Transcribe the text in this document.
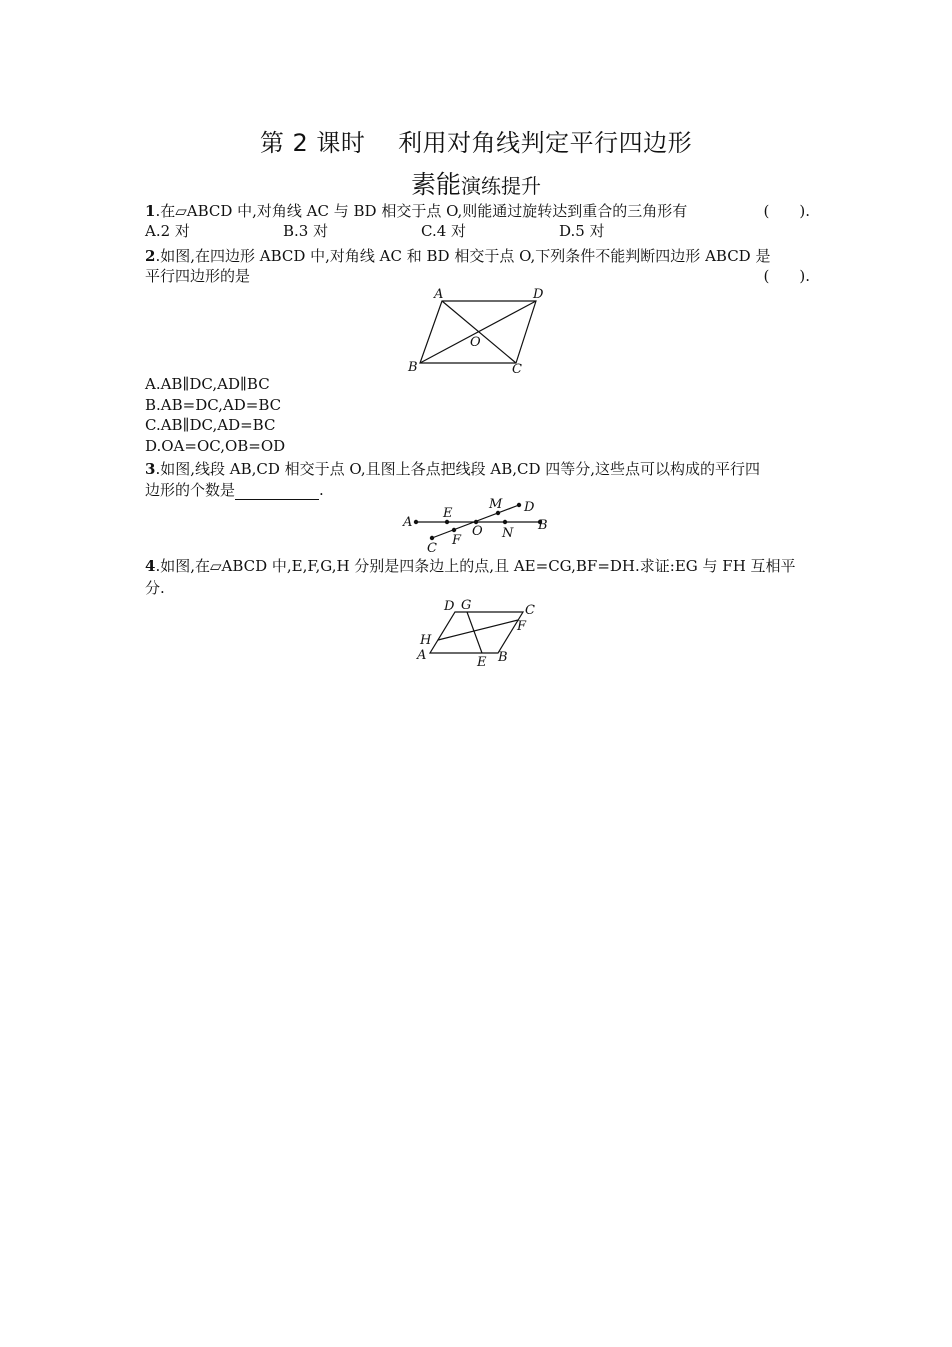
第 2 课时  利用对角线判定平行四边形
素能演练提升
1.在▱ABCD 中,对角线 AC 与 BD 相交于点 O,则能通过旋转达到重合的三角形有	(　　).
A.2 对	B.3 对	C.4 对	D.5 对
2.如图,在四边形 ABCD 中,对角线 AC 和 BD 相交于点 O,下列条件不能判断四边形 ABCD 是
平行四边形的是	(　　).
A	D
O
B	C
A.AB∥DC,AD∥BC
B.AB=DC,AD=BC
C.AB∥DC,AD=BC
D.OA=OC,OB=OD
3.如图,线段 AB,CD 相交于点 O,且图上各点把线段 AB,CD 四等分,这些点可以构成的平行四
边形的个数是	.
A
E
O N
B
C
F
M D
4.如图,在▱ABCD 中,E,F,G,H 分别是四条边上的点,且 AE=CG,BF=DH.求证:EG 与 FH 互相平
分.
D G	C
F
H
A	E B
